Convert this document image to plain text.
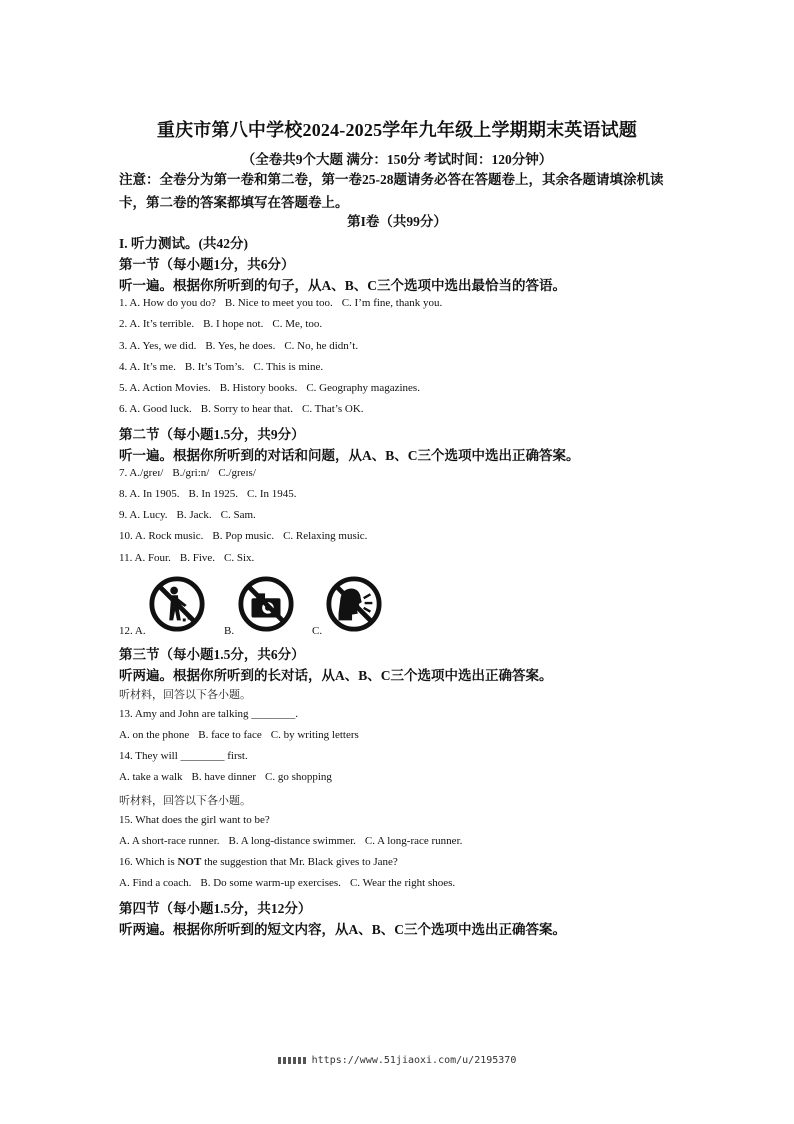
重庆市第八中学校2024-2025学年九年级上学期期末英语试题
（全卷共9个大题 满分：150分 考试时间：120分钟）
注意：全卷分为第一卷和第二卷，第一卷25-28题请务必答在答题卷上，其余各题请填涂机读卡，第二卷的答案都填写在答题卷上。
第I卷（共99分）
I. 听力测试。(共42分)
第一节（每小题1分，共6分）
听一遍。根据你所听到的句子，从A、B、C三个选项中选出最恰当的答语。
1. A. How do you do? B. Nice to meet you too. C. I’m fine, thank you.
2. A. It’s terrible. B. I hope not. C. Me, too.
3. A. Yes, we did. B. Yes, he does. C. No, he didn’t.
4. A. It’s me. B. It’s Tom’s. C. This is mine.
5. A. Action Movies. B. History books. C. Geography magazines.
6. A. Good luck. B. Sorry to hear that. C. That’s OK.
第二节（每小题1.5分，共9分）
听一遍。根据你所听到的对话和问题，从A、B、C三个选项中选出正确答案。
7. A./greɪ/ B./gri:n/ C./greɪs/
8. A. In 1905. B. In 1925. C. In 1945.
9. A. Lucy. B. Jack. C. Sam.
10. A. Rock music. B. Pop music. C. Relaxing music.
11. A. Four. B. Five. C. Six.
12. A.	B.	C.
第三节（每小题1.5分，共6分）
听两遍。根据你所听到的长对话，从A、B、C三个选项中选出正确答案。
听材料，回答以下各小题。
13. Amy and John are talking ________.
A. on the phone B. face to face C. by writing letters
14. They will ________ first.
A. take a walk B. have dinner C. go shopping
听材料，回答以下各小题。
15. What does the girl want to be?
A. A short-race runner. B. A long-distance swimmer. C. A long-race runner.
16. Which is NOT the suggestion that Mr. Black gives to Jane?
A. Find a coach. B. Do some warm-up exercises. C. Wear the right shoes.
第四节（每小题1.5分，共12分）
听两遍。根据你所听到的短文内容，从A、B、C三个选项中选出正确答案。
https://www.51jiaoxi.com/u/2195370
